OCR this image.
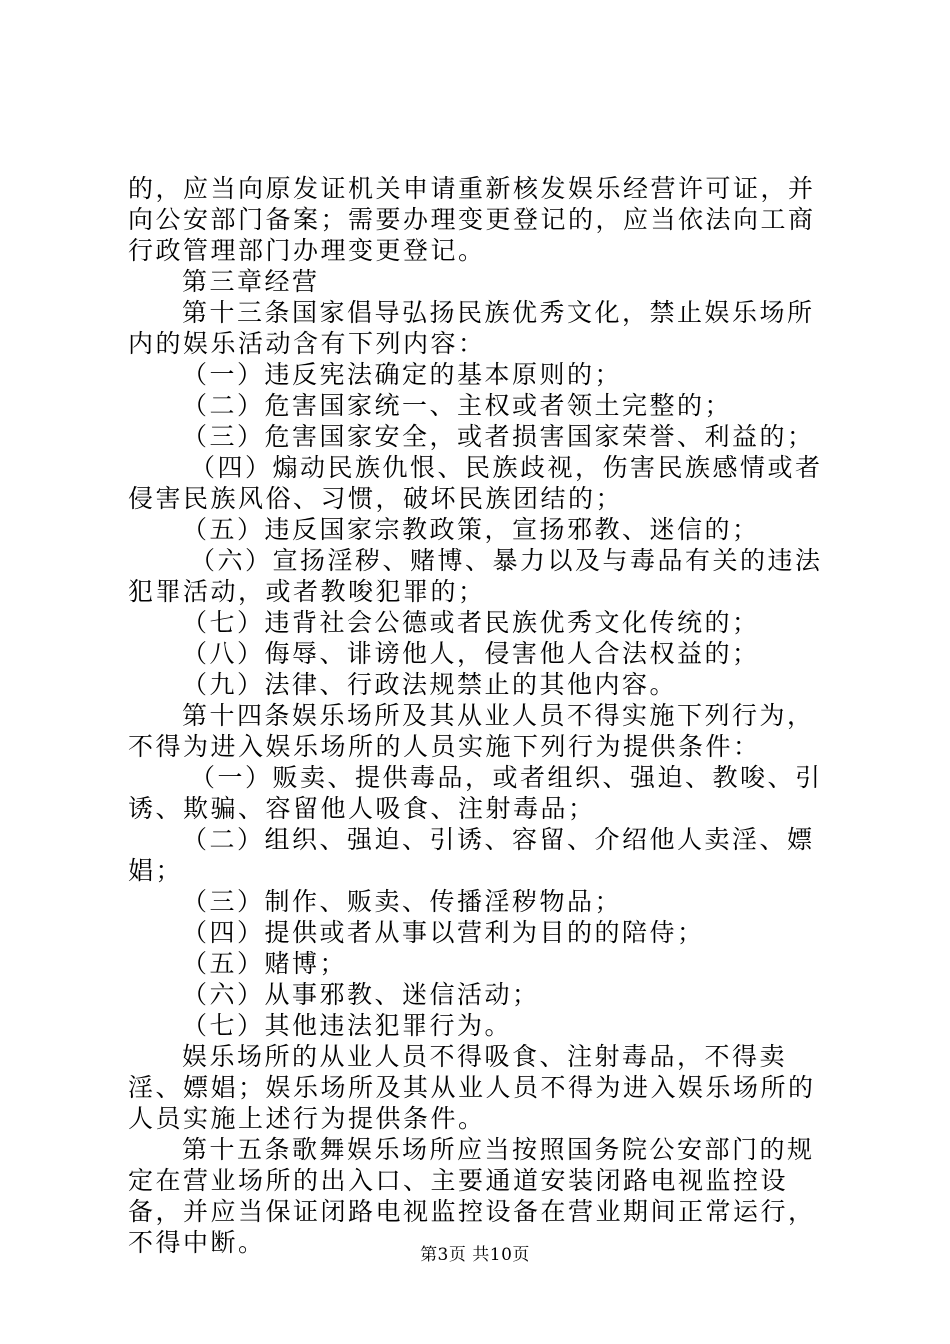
的，应当向原发证机关申请重新核发娱乐经营许可证，并向公安部门备案；需要办理变更登记的，应当依法向工商行政管理部门办理变更登记。

第三章经营

第十三条国家倡导弘扬民族优秀文化，禁止娱乐场所内的娱乐活动含有下列内容：

（一）违反宪法确定的基本原则的；

（二）危害国家统一、主权或者领土完整的；

（三）危害国家安全，或者损害国家荣誉、利益的；

（四）煽动民族仇恨、民族歧视，伤害民族感情或者侵害民族风俗、习惯，破坏民族团结的；

（五）违反国家宗教政策，宣扬邪教、迷信的；

（六）宣扬淫秽、赌博、暴力以及与毒品有关的违法犯罪活动，或者教唆犯罪的；

（七）违背社会公德或者民族优秀文化传统的；

（八）侮辱、诽谤他人，侵害他人合法权益的；

（九）法律、行政法规禁止的其他内容。

第十四条娱乐场所及其从业人员不得实施下列行为，不得为进入娱乐场所的人员实施下列行为提供条件：

（一）贩卖、提供毒品，或者组织、强迫、教唆、引诱、欺骗、容留他人吸食、注射毒品；

（二）组织、强迫、引诱、容留、介绍他人卖淫、嫖娼；

（三）制作、贩卖、传播淫秽物品；

（四）提供或者从事以营利为目的的陪侍；

（五）赌博；

（六）从事邪教、迷信活动；

（七）其他违法犯罪行为。

娱乐场所的从业人员不得吸食、注射毒品，不得卖淫、嫖娼；娱乐场所及其从业人员不得为进入娱乐场所的人员实施上述行为提供条件。

第十五条歌舞娱乐场所应当按照国务院公安部门的规定在营业场所的出入口、主要通道安装闭路电视监控设备，并应当保证闭路电视监控设备在营业期间正常运行，不得中断。	第3页 共10页
